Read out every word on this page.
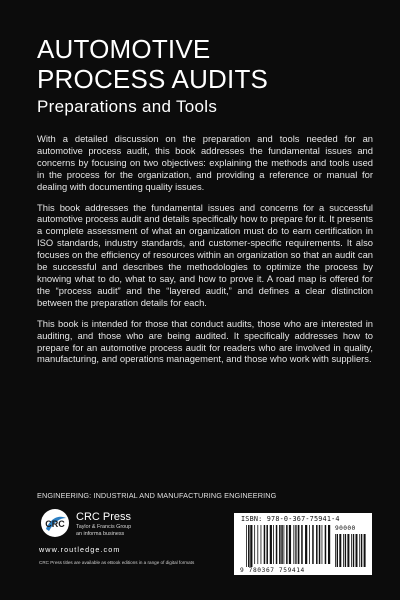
AUTOMOTIVE
PROCESS AUDITS
Preparations and Tools

With a detailed discussion on the preparation and tools needed for an automotive process audit, this book addresses the fundamental issues and concerns by focusing on two objectives: explaining the methods and tools used in the process for the organization, and providing a reference or manual for dealing with documenting quality issues.

This book addresses the fundamental issues and concerns for a successful automotive process audit and details specifically how to prepare for it. It presents a complete assessment of what an organization must do to earn certification in ISO standards, industry standards, and customer-specific requirements. It also focuses on the efficiency of resources within an organization so that an audit can be successful and describes the methodologies to optimize the process by knowing what to do, what to say, and how to prove it. A road map is offered for the “process audit” and the “layered audit,” and defines a clear distinction between the preparation details for each.

This book is intended for those that conduct audits, those who are interested in auditing, and those who are being audited. It specifically addresses how to prepare for an automotive process audit for readers who are involved in quality, manufacturing, and operations management, and those who work with suppliers.

ENGINEERING: INDUSTRIAL AND MANUFACTURING ENGINEERING
CRC
CRC Press
Taylor & Francis Group
an informa business
www.routledge.com
CRC Press titles are available as eBook editions in a range of digital formats
ISBN: 978-0-367-75941-4
90000
9 780367 759414
